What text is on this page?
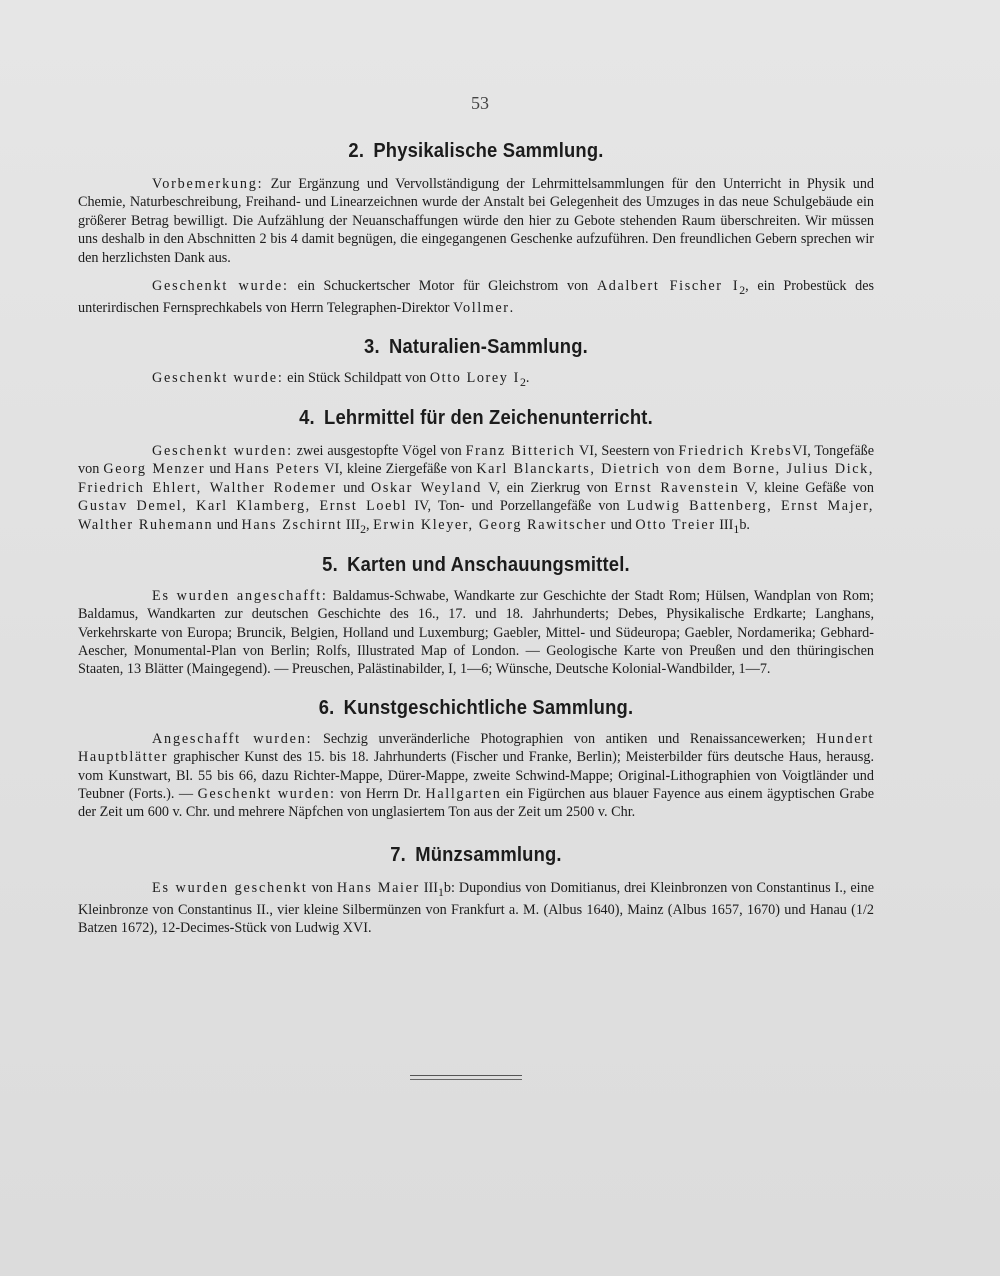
53
2. Physikalische Sammlung.

Vorbemerkung: Zur Ergänzung und Vervollständigung der Lehrmittelsammlungen für den Unterricht in Physik und Chemie, Naturbeschreibung, Freihand- und Linearzeichnen wurde der Anstalt bei Gelegenheit des Umzuges in das neue Schulgebäude ein größerer Betrag bewilligt. Die Aufzählung der Neuanschaffungen würde den hier zu Gebote stehenden Raum überschreiten. Wir müssen uns deshalb in den Abschnitten 2 bis 4 damit begnügen, die eingegangenen Geschenke aufzuführen. Den freundlichen Gebern sprechen wir den herzlichsten Dank aus.

Geschenkt wurde: ein Schuckertscher Motor für Gleichstrom von Adalbert Fischer $I_2$, ein Probestück des unterirdischen Fernsprechkabels von Herrn Telegraphen-Direktor Vollmer.

3. Naturalien-Sammlung.

Geschenkt wurde: ein Stück Schildpatt von Otto Lorey $I_2$.

4. Lehrmittel für den Zeichenunterricht.

Geschenkt wurden: zwei ausgestopfte Vögel von Franz Bitterich VI, Seestern von Friedrich KrebsVI, Tongefäße von Georg Menzer und Hans Peters VI, kleine Ziergefäße von Karl Blanckarts, Dietrich von dem Borne, Julius Dick, Friedrich Ehlert, Walther Rodemer und Oskar Weyland V, ein Zierkrug von Ernst Ravenstein V, kleine Gefäße von Gustav Demel, Karl Klamberg, Ernst Loebl IV, Ton- und Porzellangefäße von Ludwig Battenberg, Ernst Majer, Walther Ruhemann und Hans Zschirnt $III_2$, Erwin Kleyer, Georg Rawitscher und Otto Treier $III_1b$.

5. Karten und Anschauungsmittel.

Es wurden angeschafft: Baldamus-Schwabe, Wandkarte zur Geschichte der Stadt Rom; Hülsen, Wandplan von Rom; Baldamus, Wandkarten zur deutschen Geschichte des 16., 17. und 18. Jahrhunderts; Debes, Physikalische Erdkarte; Langhans, Verkehrskarte von Europa; Bruncik, Belgien, Holland und Luxemburg; Gaebler, Mittel- und Südeuropa; Gaebler, Nordamerika; Gebhard-Aescher, Monumental-Plan von Berlin; Rolfs, Illustrated Map of London. — Geologische Karte von Preußen und den thüringischen Staaten, 13 Blätter (Maingegend). — Preuschen, Palästinabilder, I, 1—6; Wünsche, Deutsche Kolonial-Wandbilder, 1—7.

6. Kunstgeschichtliche Sammlung.

Angeschafft wurden: Sechzig unveränderliche Photographien von antiken und Renaissancewerken; Hundert Hauptblätter graphischer Kunst des 15. bis 18. Jahrhunderts (Fischer und Franke, Berlin); Meisterbilder fürs deutsche Haus, herausg. vom Kunstwart, Bl. 55 bis 66, dazu Richter-Mappe, Dürer-Mappe, zweite Schwind-Mappe; Original-Lithographien von Voigtländer und Teubner (Forts.). — Geschenkt wurden: von Herrn Dr. Hallgarten ein Figürchen aus blauer Fayence aus einem ägyptischen Grabe der Zeit um 600 v. Chr. und mehrere Näpfchen von unglasiertem Ton aus der Zeit um 2500 v. Chr.

7. Münzsammlung.

Es wurden geschenkt von Hans Maier $III_1b$: Dupondius von Domitianus, drei Kleinbronzen von Constantinus I., eine Kleinbronze von Constantinus II., vier kleine Silbermünzen von Frankfurt a. M. (Albus 1640), Mainz (Albus 1657, 1670) und Hanau (1/2 Batzen 1672), 12-Decimes-Stück von Ludwig XVI.
